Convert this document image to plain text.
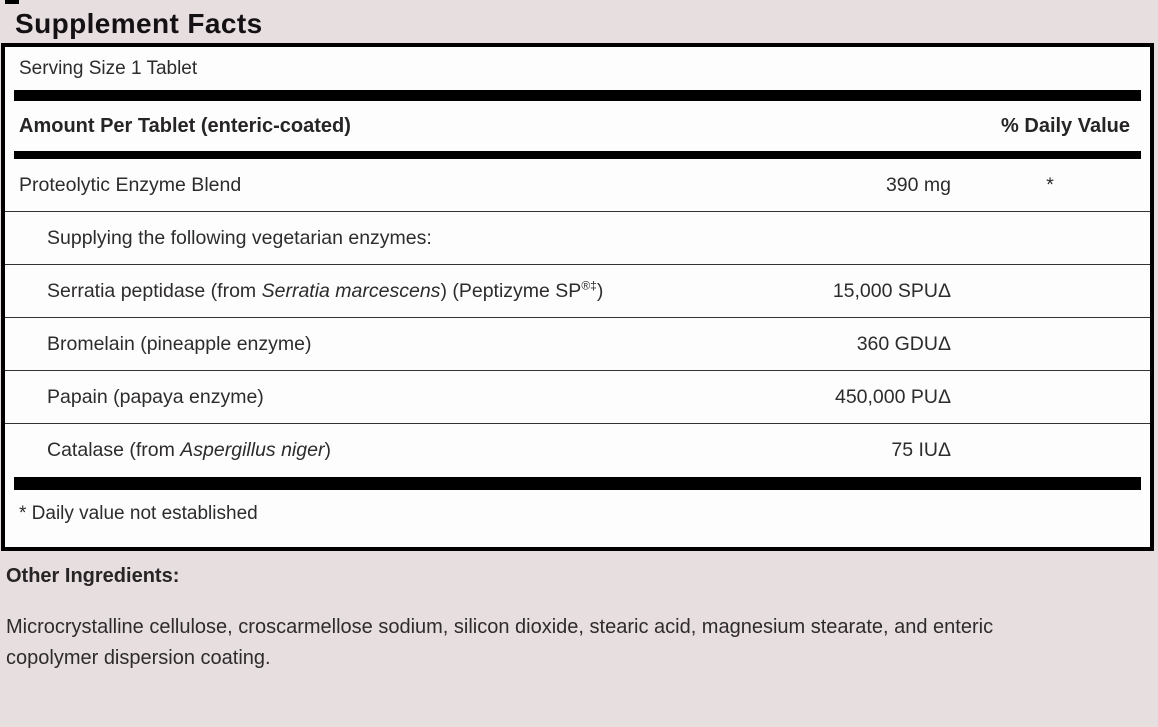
Supplement Facts
Serving Size 1 Tablet
Amount Per Tablet (enteric-coated)	% Daily Value
Proteolytic Enzyme Blend	390 mg	*
Supplying the following vegetarian enzymes:
Serratia peptidase (from Serratia marcescens) (Peptizyme SP®‡)	15,000 SPUΔ
Bromelain (pineapple enzyme)	360 GDUΔ
Papain (papaya enzyme)	450,000 PUΔ
Catalase (from Aspergillus niger)	75 IUΔ
* Daily value not established
Other Ingredients:
Microcrystalline cellulose, croscarmellose sodium, silicon dioxide, stearic acid, magnesium stearate, and enteric copolymer dispersion coating.
